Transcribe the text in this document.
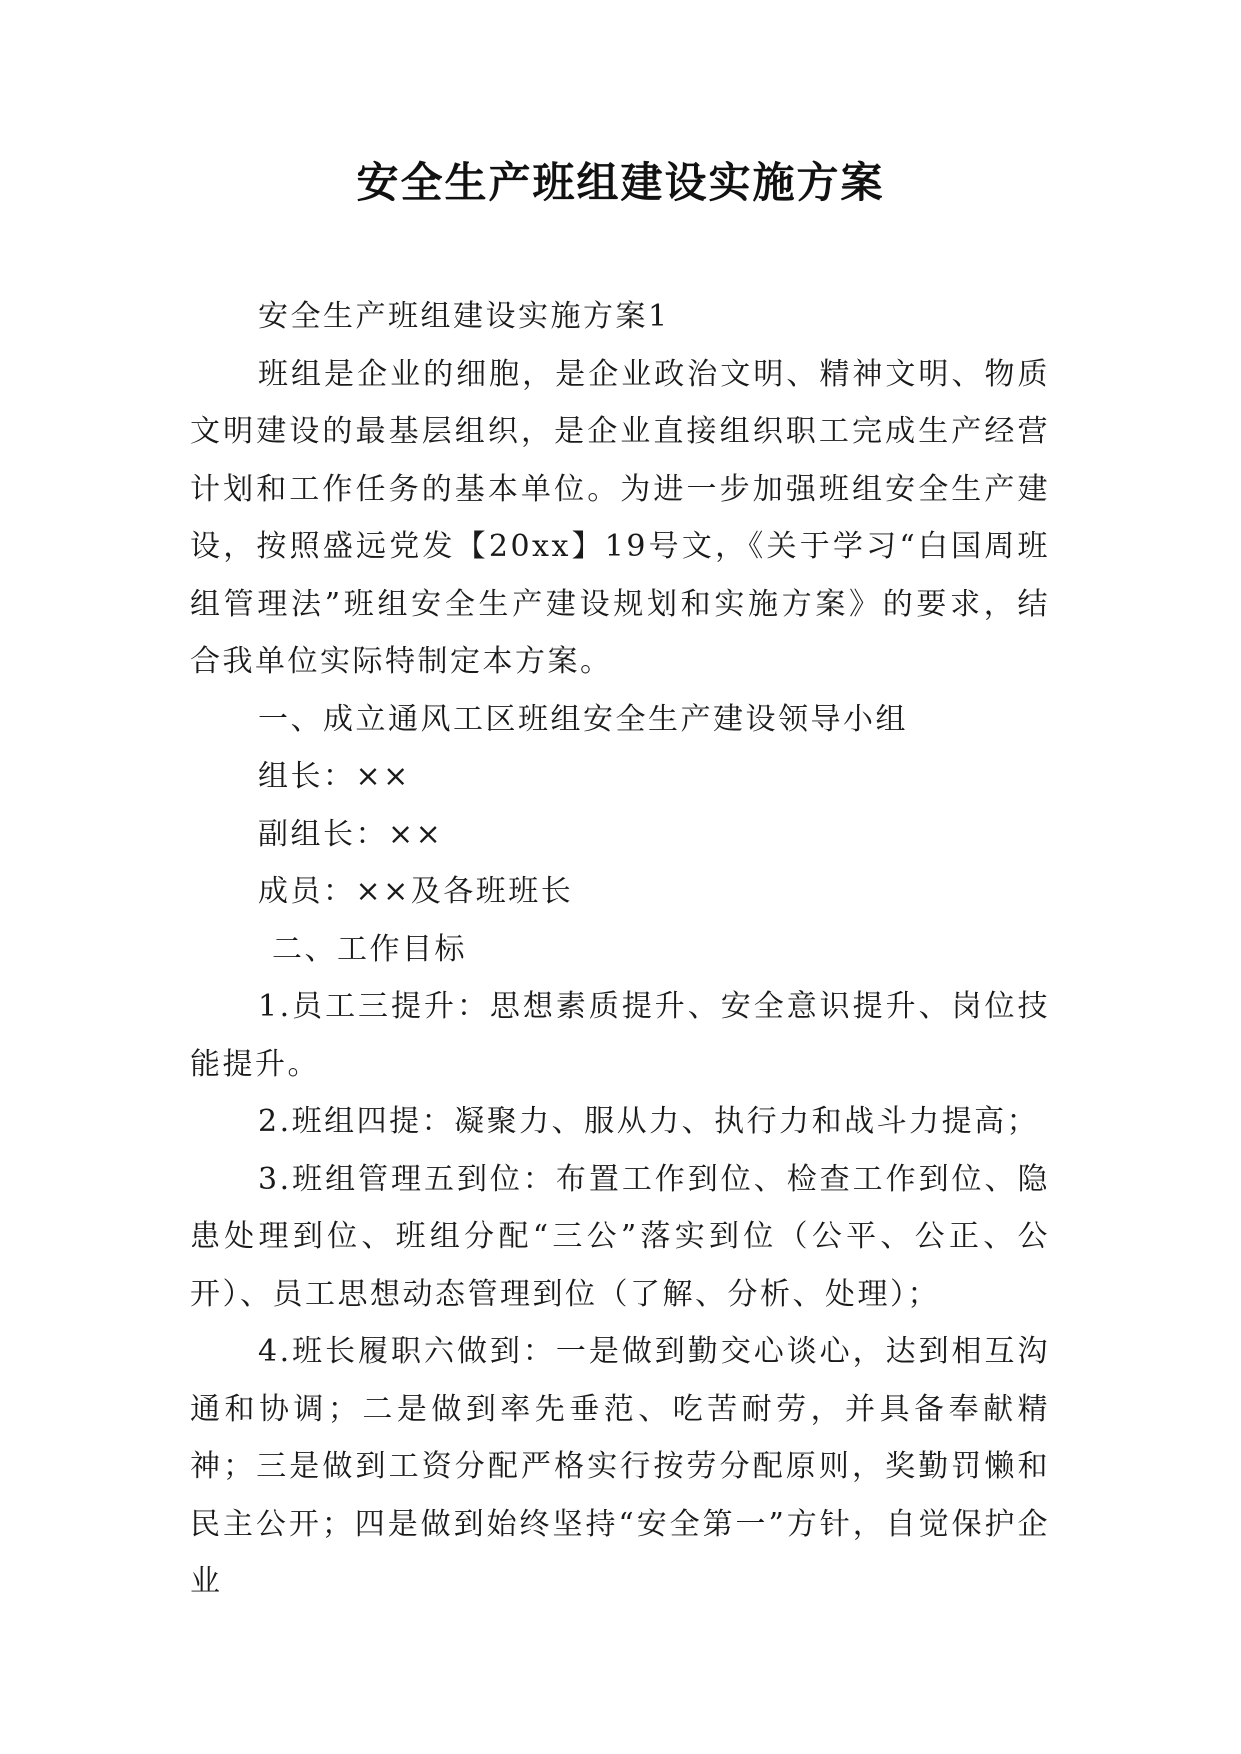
安全生产班组建设实施方案

安全生产班组建设实施方案1

班组是企业的细胞，是企业政治文明、精神文明、物质文明建设的最基层组织，是企业直接组织职工完成生产经营计划和工作任务的基本单位。为进一步加强班组安全生产建设，按照盛远党发【20xx】19号文，《关于学习“白国周班组管理法”班组安全生产建设规划和实施方案》的要求，结合我单位实际特制定本方案。

一、成立通风工区班组安全生产建设领导小组

组长：××

副组长：××

成员：××及各班班长

二、工作目标

1.员工三提升：思想素质提升、安全意识提升、岗位技能提升。

2.班组四提：凝聚力、服从力、执行力和战斗力提高；

3.班组管理五到位：布置工作到位、检查工作到位、隐患处理到位、班组分配“三公”落实到位（公平、公正、公开）、员工思想动态管理到位（了解、分析、处理）；

4.班长履职六做到：一是做到勤交心谈心，达到相互沟通和协调；二是做到率先垂范、吃苦耐劳，并具备奉献精神；三是做到工资分配严格实行按劳分配原则，奖勤罚懒和民主公开；四是做到始终坚持“安全第一”方针，自觉保护企业
